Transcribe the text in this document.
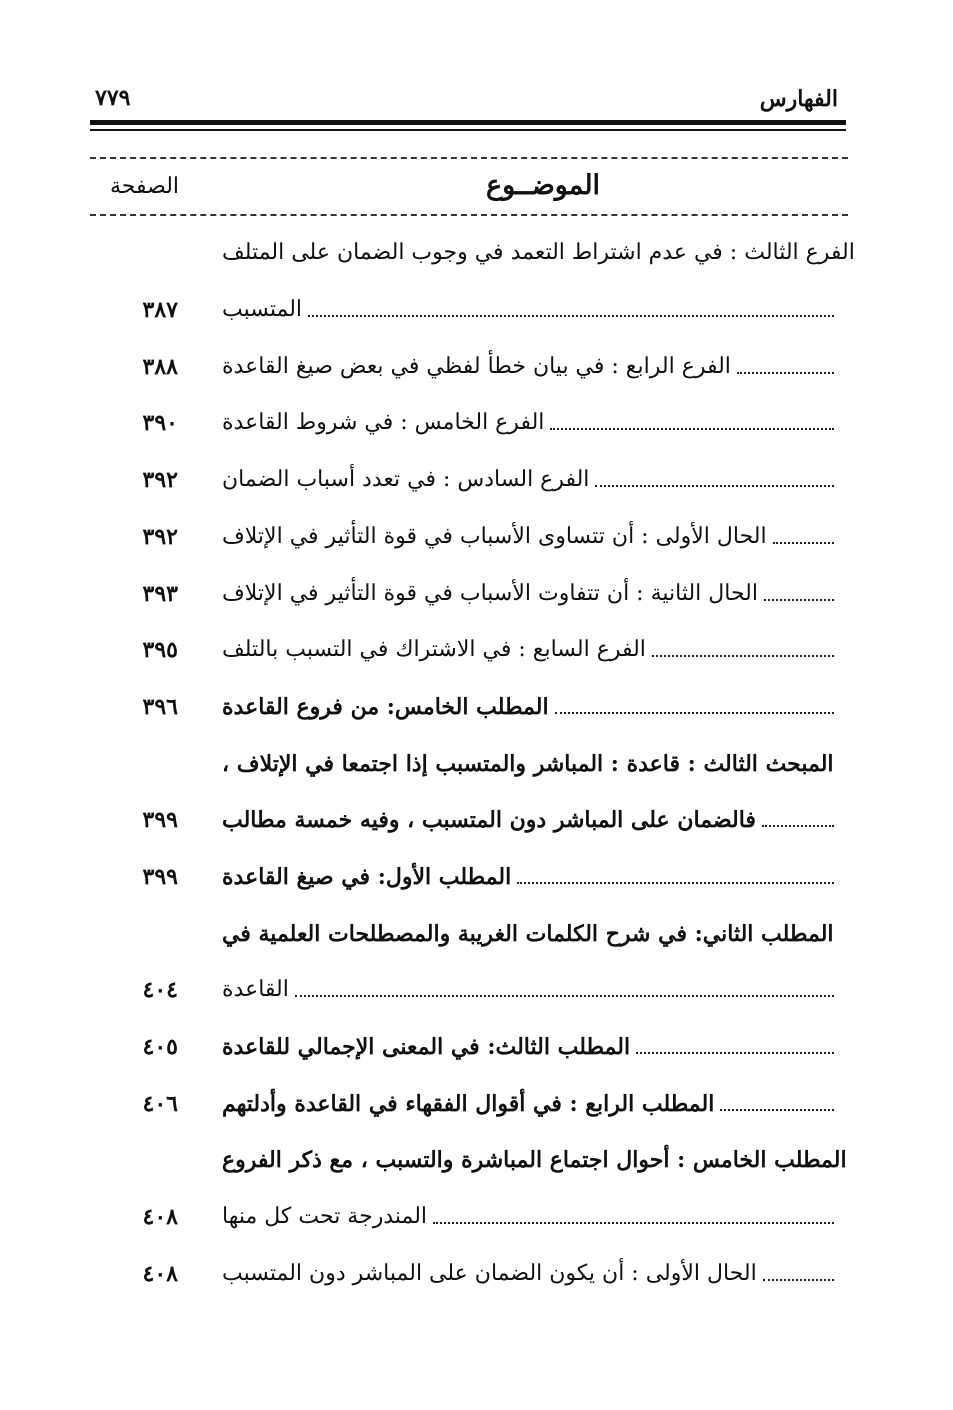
الفهارس
٧٧٩
الموضــوع
الصفحة
الفرع الثالث : في عدم اشتراط التعمد في وجوب الضمان على المتلف
المتسبب
٣٨٧
الفرع الرابع : في بيان خطأ لفظي في بعض صيغ القاعدة
٣٨٨
الفرع الخامس : في شروط القاعدة
٣٩٠
الفرع السادس : في تعدد أسباب الضمان
٣٩٢
الحال الأولى : أن تتساوى الأسباب في قوة التأثير في الإتلاف
٣٩٢
الحال الثانية : أن تتفاوت الأسباب في قوة التأثير في الإتلاف
٣٩٣
الفرع السابع : في الاشتراك في التسبب بالتلف
٣٩٥
المطلب الخامس: من فروع القاعدة
٣٩٦
المبحث الثالث : قاعدة : المباشر والمتسبب إذا اجتمعا في الإتلاف ،
فالضمان على المباشر دون المتسبب ، وفيه خمسة مطالب
٣٩٩
المطلب الأول: في صيغ القاعدة
٣٩٩
المطلب الثاني: في شرح الكلمات الغريبة والمصطلحات العلمية في
القاعدة
٤٠٤
المطلب الثالث: في المعنى الإجمالي للقاعدة
٤٠٥
المطلب الرابع : في أقوال الفقهاء في القاعدة وأدلتهم
٤٠٦
المطلب الخامس : أحوال اجتماع المباشرة والتسبب ، مع ذكر الفروع
المندرجة تحت كل منها
٤٠٨
الحال الأولى : أن يكون الضمان على المباشر دون المتسبب
٤٠٨
